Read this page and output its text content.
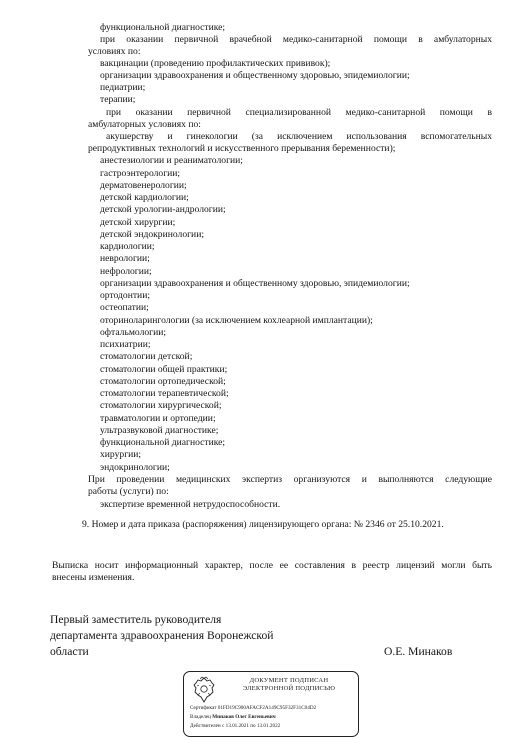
функциональной диагностике;
при оказании первичной врачебной медико-санитарной помощи в амбулаторных
условиях по:
вакцинации (проведению профилактических прививок);
организации здравоохранения и общественному здоровью, эпидемиологии;
педиатрии;
терапии;
при оказании первичной специализированной медико-санитарной помощи в
амбулаторных условиях по:
акушерству и гинекологии (за исключением использования вспомогательных
репродуктивных технологий и искусственного прерывания беременности);
анестезиологии и реаниматологии;
гастроэнтерологии;
дерматовенерологии;
детской кардиологии;
детской урологии-андрологии;
детской хирургии;
детской эндокринологии;
кардиологии;
неврологии;
нефрологии;
организации здравоохранения и общественному здоровью, эпидемиологии;
ортодонтии;
остеопатии;
оториноларингологии (за исключением кохлеарной имплантации);
офтальмологии;
психиатрии;
стоматологии детской;
стоматологии общей практики;
стоматологии ортопедической;
стоматологии терапевтической;
стоматологии хирургической;
травматологии и ортопедии;
ультразвуковой диагностике;
функциональной диагностике;
хирургии;
эндокринологии;
При проведении медицинских экспертиз организуются и выполняются следующие
работы (услуги) по:
экспертизе временной нетрудоспособности.
9. Номер и дата приказа (распоряжения) лицензирующего органа: № 2346 от 25.10.2021.
Выписка носит информационный характер, после ее составления в реестр лицензий могли быть
внесены изменения.
Первый заместитель руководителя
департамента здравоохранения Воронежской
области	О.Е. Минаков
ДОКУМЕНТ ПОДПИСАН
ЭЛЕКТРОННОЙ ПОДПИСЬЮ
Сертификат 01FD19C900AFACF2A149C95F32F31C04D2
Владелец Минаков Олег Евгеньевич
Действителен с 13.01.2021 по 13.01.2022
